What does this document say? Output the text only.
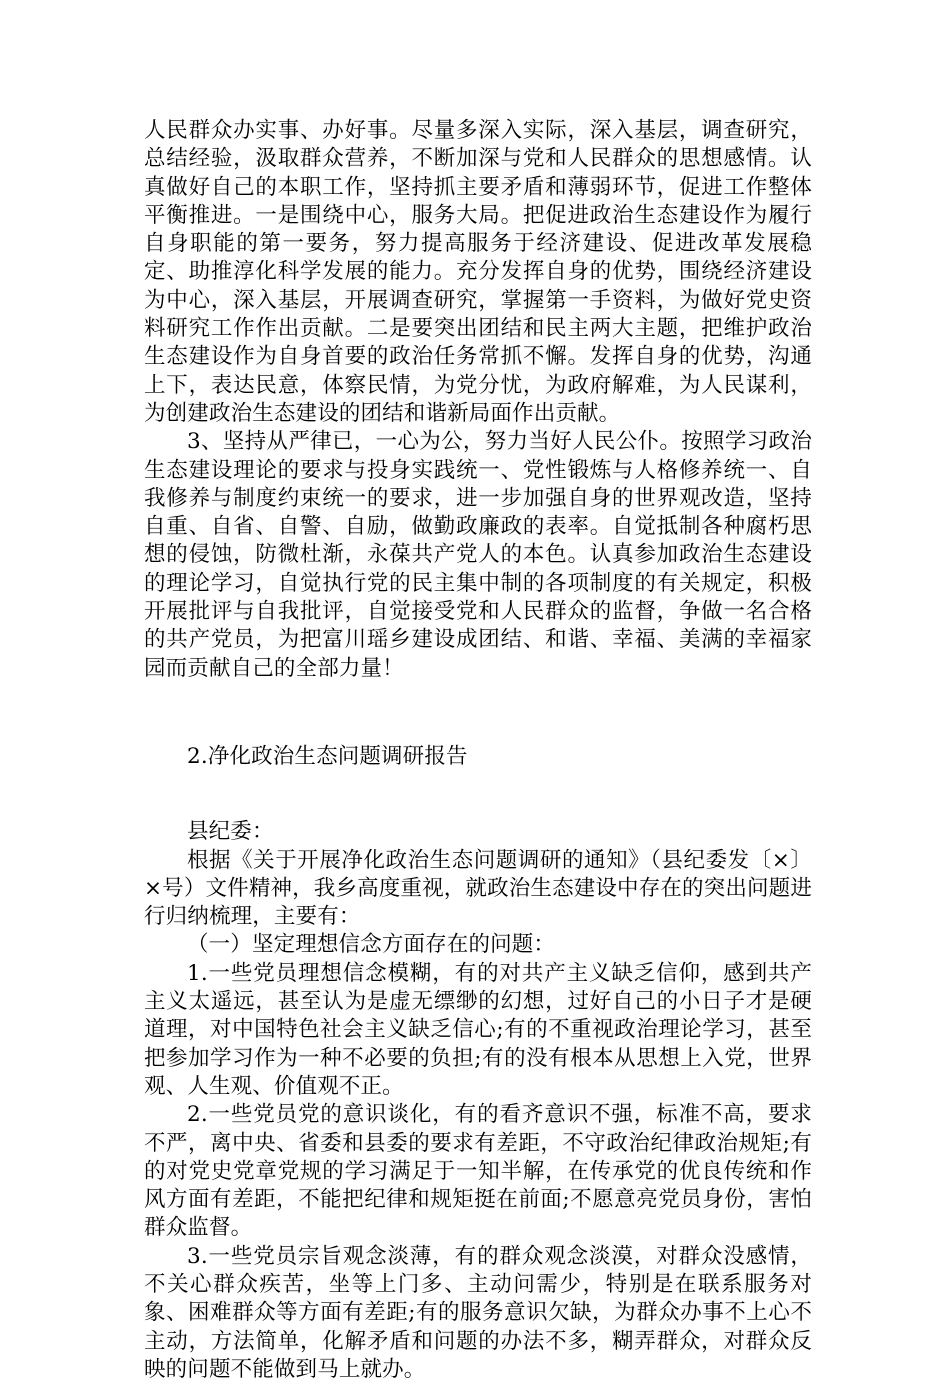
人民群众办实事、办好事。尽量多深入实际，深入基层，调查研究，总结经验，汲取群众营养，不断加深与党和人民群众的思想感情。认真做好自己的本职工作，坚持抓主要矛盾和薄弱环节，促进工作整体平衡推进。一是围绕中心，服务大局。把促进政治生态建设作为履行自身职能的第一要务，努力提高服务于经济建设、促进改革发展稳定、助推淳化科学发展的能力。充分发挥自身的优势，围绕经济建设为中心，深入基层，开展调查研究，掌握第一手资料，为做好党史资料研究工作作出贡献。二是要突出团结和民主两大主题，把维护政治生态建设作为自身首要的政治任务常抓不懈。发挥自身的优势，沟通上下，表达民意，体察民情，为党分忧，为政府解难，为人民谋利，为创建政治生态建设的团结和谐新局面作出贡献。

3、坚持从严律已，一心为公，努力当好人民公仆。按照学习政治生态建设理论的要求与投身实践统一、党性锻炼与人格修养统一、自我修养与制度约束统一的要求，进一步加强自身的世界观改造，坚持自重、自省、自警、自励，做勤政廉政的表率。自觉抵制各种腐朽思想的侵蚀，防微杜渐，永葆共产党人的本色。认真参加政治生态建设的理论学习，自觉执行党的民主集中制的各项制度的有关规定，积极开展批评与自我批评，自觉接受党和人民群众的监督，争做一名合格的共产党员，为把富川瑶乡建设成团结、和谐、幸福、美满的幸福家园而贡献自己的全部力量！

2.净化政治生态问题调研报告

县纪委：

根据《关于开展净化政治生态问题调研的通知》（县纪委发〔×〕×号）文件精神，我乡高度重视，就政治生态建设中存在的突出问题进行归纳梳理，主要有：

（一）坚定理想信念方面存在的问题：

1.一些党员理想信念模糊，有的对共产主义缺乏信仰，感到共产主义太遥远，甚至认为是虚无缥缈的幻想，过好自己的小日子才是硬道理，对中国特色社会主义缺乏信心;有的不重视政治理论学习，甚至把参加学习作为一种不必要的负担;有的没有根本从思想上入党，世界观、人生观、价值观不正。

2.一些党员党的意识谈化，有的看齐意识不强，标准不高，要求不严，离中央、省委和县委的要求有差距，不守政治纪律政治规矩;有的对党史党章党规的学习满足于一知半解，在传承党的优良传统和作风方面有差距，不能把纪律和规矩挺在前面;不愿意亮党员身份，害怕群众监督。

3.一些党员宗旨观念淡薄，有的群众观念淡漠，对群众没感情，不关心群众疾苦，坐等上门多、主动问需少，特别是在联系服务对象、困难群众等方面有差距;有的服务意识欠缺，为群众办事不上心不主动，方法简单，化解矛盾和问题的办法不多，糊弄群众，对群众反映的问题不能做到马上就办。
